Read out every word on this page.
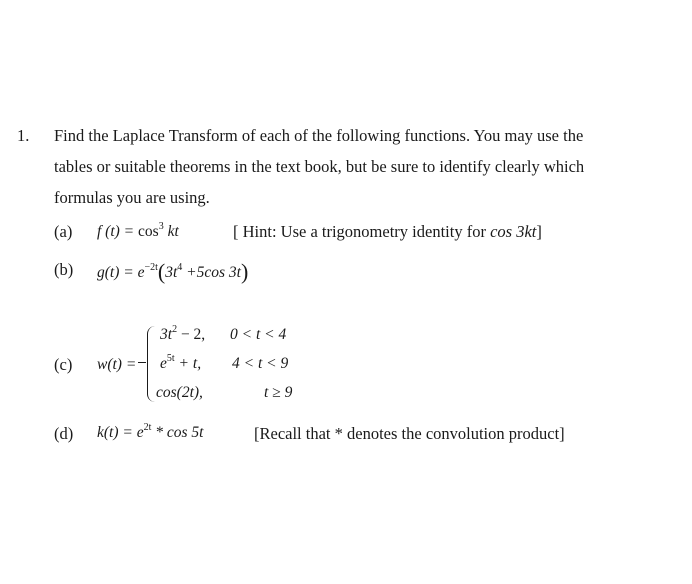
1. Find the Laplace Transform of each of the following functions. You may use the
tables or suitable theorems in the text book, but be sure to identify clearly which
formulas you are using.
(a) f $(t) = \cos^3$ kt	[ Hint: Use a trigonometry identity for cos 3kt]
(b) $g(t) = e^{-2t}(3t^4 +5\cos$ 3t)
(c) w(t) =
$3t^2 - 2$, 0 < t < 4
$e^{5t} + t$, 4 < t < 9
cos(2t),	t ≥ 9
(d) $k(t) = e^{2t} * \cos 5t$	[Recall that * denotes the convolution product]
